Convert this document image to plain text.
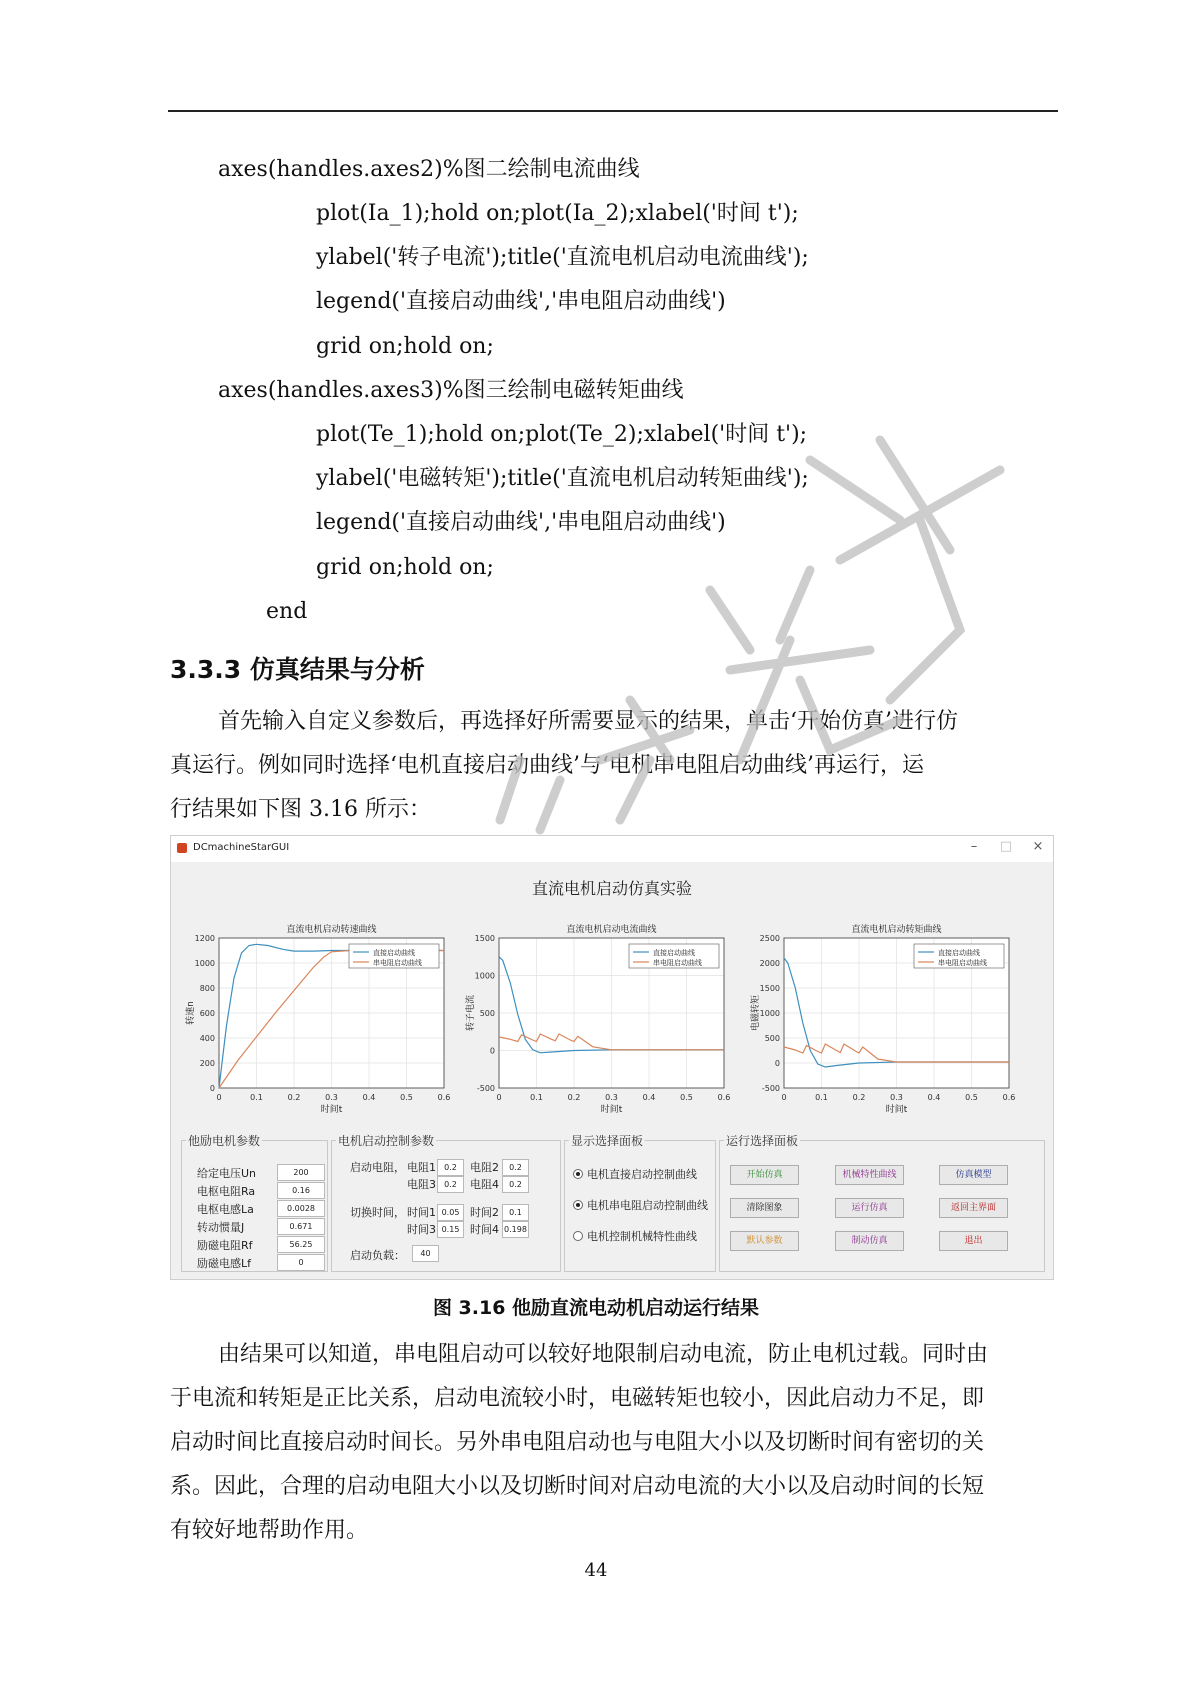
axes(handles.axes2)%图二绘制电流曲线
plot(Ia_1);hold on;plot(Ia_2);xlabel('时间 t');
ylabel('转子电流');title('直流电机启动电流曲线');
legend('直接启动曲线','串电阻启动曲线')
grid on;hold on;
axes(handles.axes3)%图三绘制电磁转矩曲线
plot(Te_1);hold on;plot(Te_2);xlabel('时间 t');
ylabel('电磁转矩');title('直流电机启动转矩曲线');
legend('直接启动曲线','串电阻启动曲线')
grid on;hold on;
end
3.3.3 仿真结果与分析
首先输入自定义参数后，再选择好所需要显示的结果，单击‘开始仿真’进行仿
真运行。例如同时选择‘电机直接启动曲线’与‘电机串电阻启动曲线’再运行，运
行结果如下图 3.16 所示：
DCmachineStarGUI	–	□	×
直流电机启动仿真实验
0	0.1	0.2	0.3	0.4	0.5	0.6
0
200
400
600
800
1000
1200
直流电机启动转速曲线
时间t
转速n
直接启动曲线
串电阻启动曲线
0	0.1	0.2	0.3	0.4	0.5	0.6
-500
0
500
1000
1500
直流电机启动电流曲线
时间t
转子电流
直接启动曲线
串电阻启动曲线
0	0.1	0.2	0.3	0.4	0.5	0.6
-500
0
500
1000
1500
2000
2500
直流电机启动转矩曲线
时间t
电磁转矩
直接启动曲线
串电阻启动曲线
他励电机参数
给定电压Un	200
电枢电阻Ra	0.16
电枢电感La	0.0028
转动惯量J	0.671
励磁电阻Rf	56.25
励磁电感Lf	0
电机启动控制参数
启动电阻， 电阻1	0.2	电阻2	0.2
电阻3	0.2	电阻4	0.2
切换时间， 时间1 0.05 时间2	0.1
时间3 0.15 时间4 0.198
启动负载：	40
显示选择面板
电机直接启动控制曲线
电机串电阻启动控制曲线
电机控制机械特性曲线
运行选择面板
开始仿真	机械特性曲线	仿真模型
清除图象	运行仿真	返回主界面
默认参数	制动仿真	退出
图 3.16 他励直流电动机启动运行结果
由结果可以知道，串电阻启动可以较好地限制启动电流，防止电机过载。同时由
于电流和转矩是正比关系，启动电流较小时，电磁转矩也较小，因此启动力不足，即
启动时间比直接启动时间长。另外串电阻启动也与电阻大小以及切断时间有密切的关
系。因此，合理的启动电阻大小以及切断时间对启动电流的大小以及启动时间的长短
有较好地帮助作用。
44
